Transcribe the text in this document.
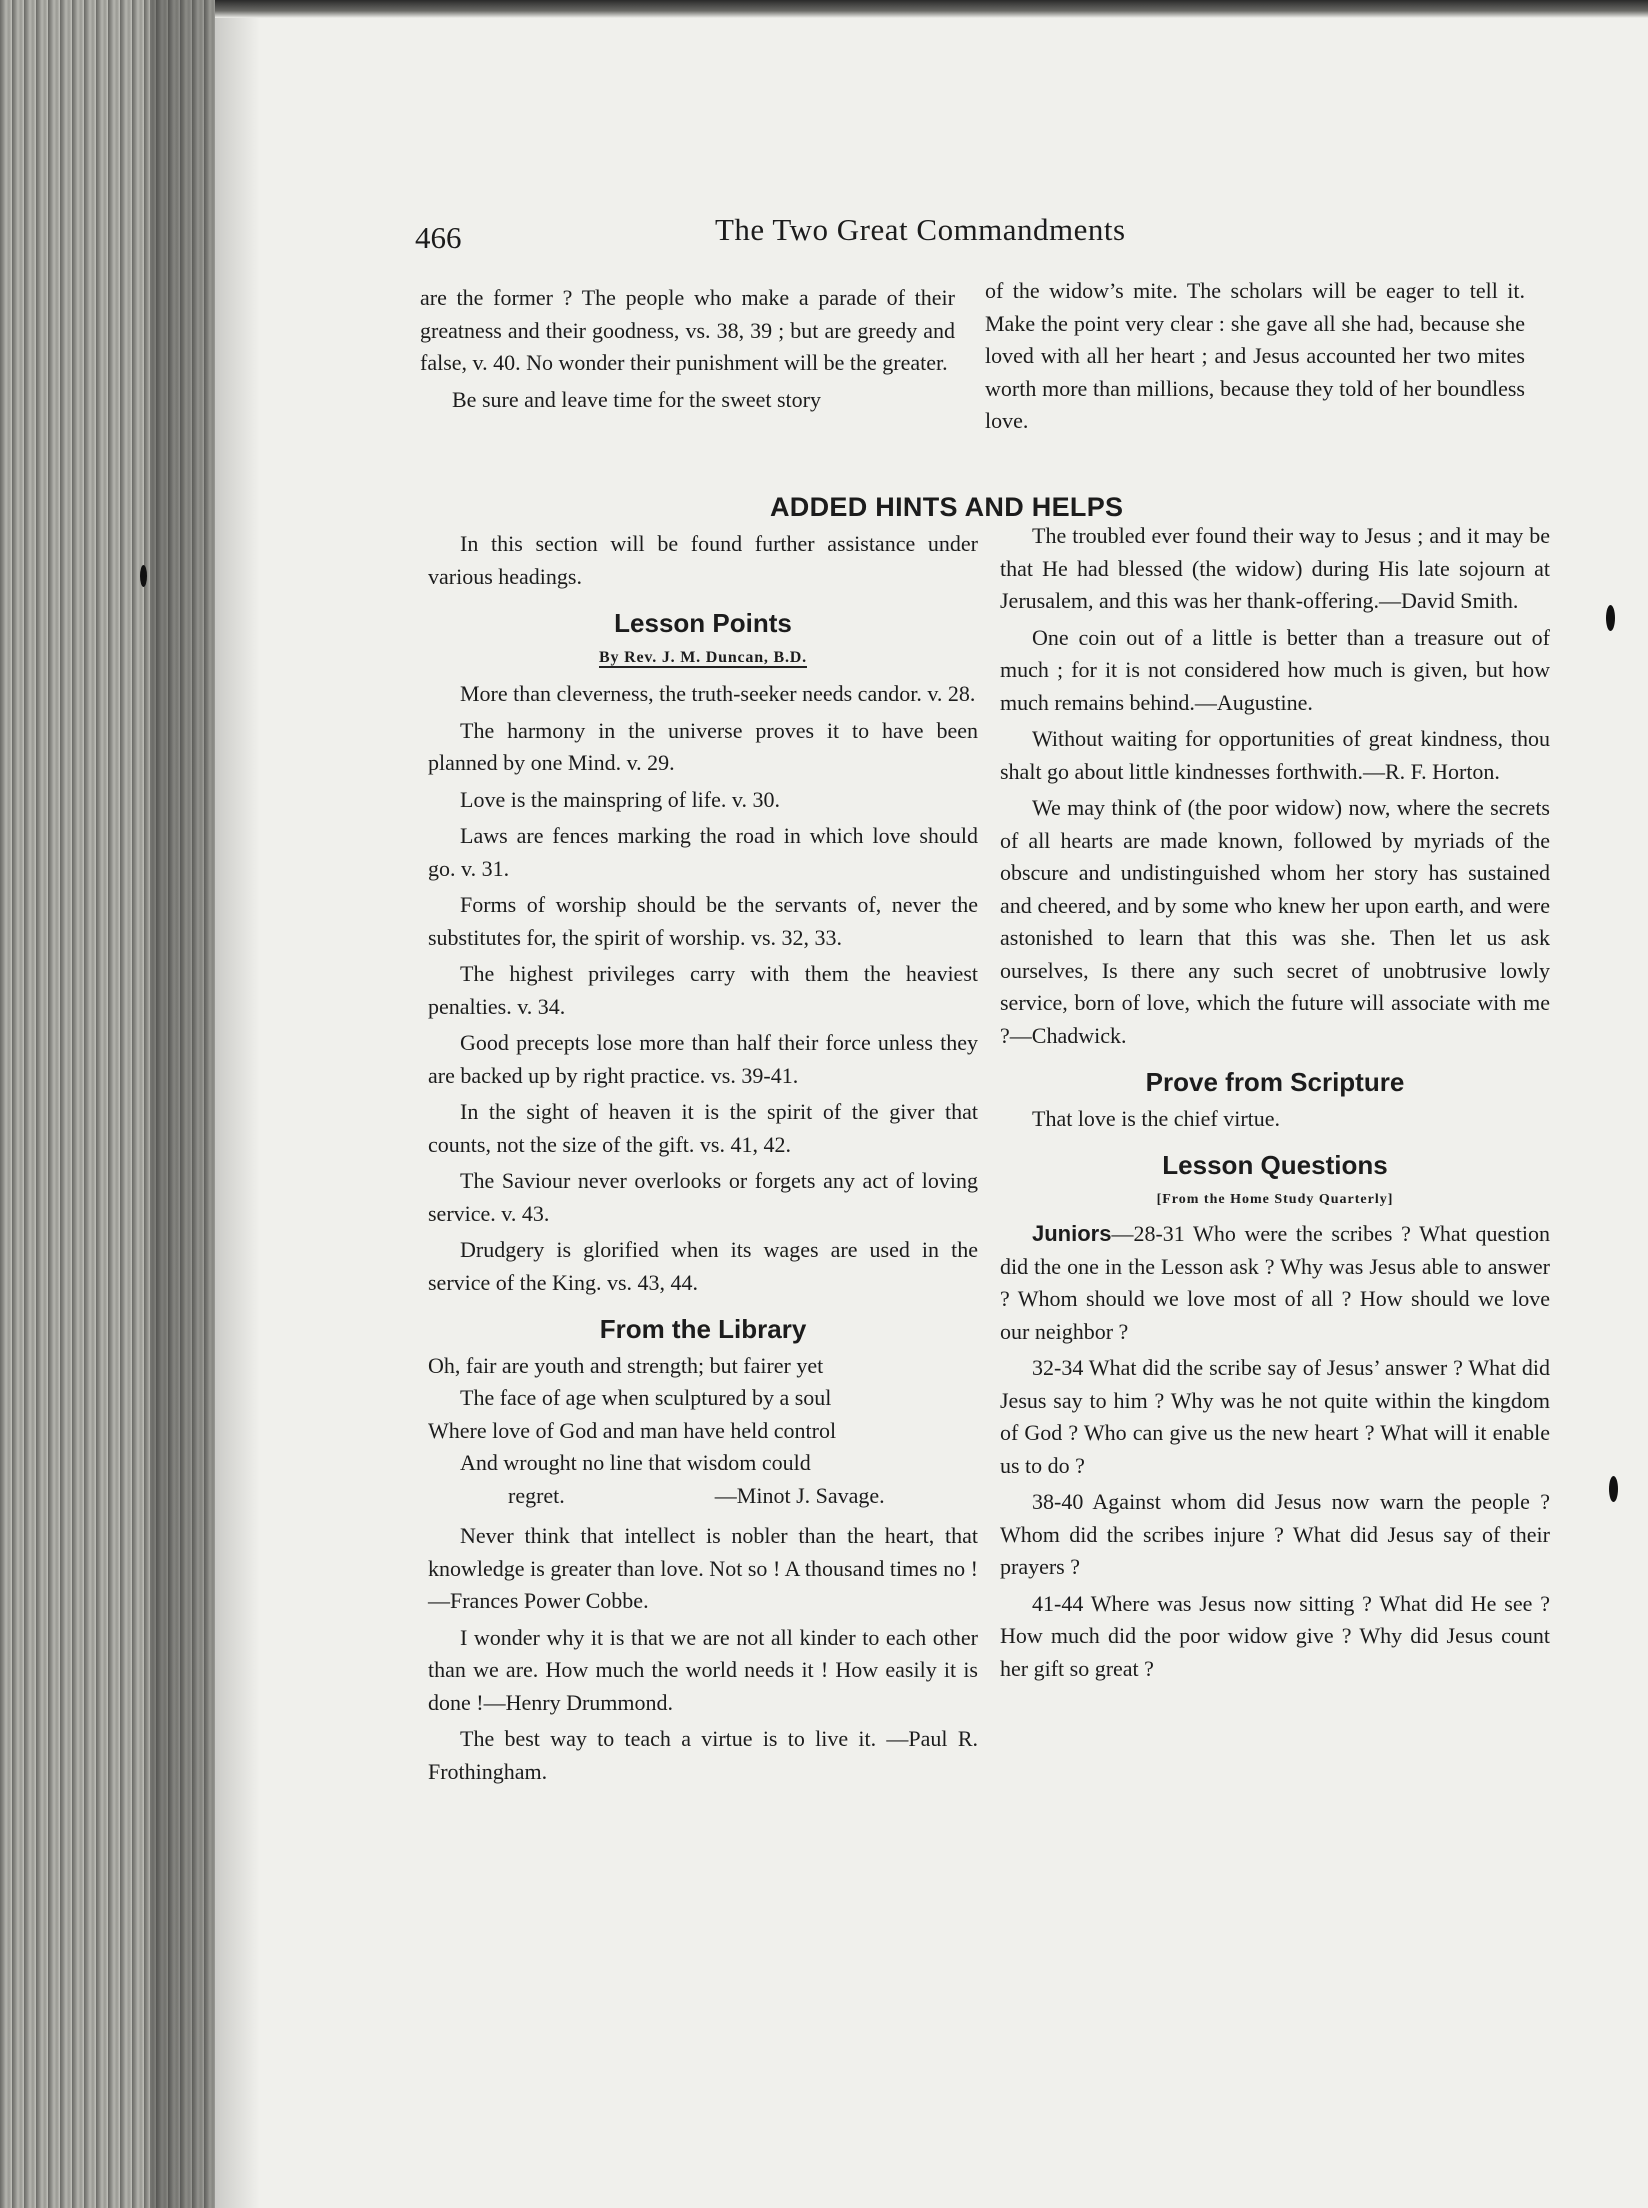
466	The Two Great Commandments

are the former ? The people who make a parade of their greatness and their goodness, vs. 38, 39 ; but are greedy and false, v. 40. No wonder their punishment will be the greater.

Be sure and leave time for the sweet story

of the widow’s mite. The scholars will be eager to tell it. Make the point very clear : she gave all she had, because she loved with all her heart ; and Jesus accounted her two mites worth more than millions, because they told of her boundless love.

ADDED HINTS AND HELPS

In this section will be found further assistance under various headings.

Lesson Points
By Rev. J. M. Duncan, B.D.

More than cleverness, the truth-seeker needs candor. v. 28.

The harmony in the universe proves it to have been planned by one Mind. v. 29.

Love is the mainspring of life. v. 30.

Laws are fences marking the road in which love should go. v. 31.

Forms of worship should be the servants of, never the substitutes for, the spirit of worship. vs. 32, 33.

The highest privileges carry with them the heaviest penalties. v. 34.

Good precepts lose more than half their force unless they are backed up by right practice. vs. 39-41.

In the sight of heaven it is the spirit of the giver that counts, not the size of the gift. vs. 41, 42.

The Saviour never overlooks or forgets any act of loving service. v. 43.

Drudgery is glorified when its wages are used in the service of the King. vs. 43, 44.

From the Library
Oh, fair are youth and strength; but fairer yet
The face of age when sculptured by a soul
Where love of God and man have held control
And wrought no line that wisdom could
regret.	—Minot J. Savage.

Never think that intellect is nobler than the heart, that knowledge is greater than love. Not so ! A thousand times no !—Frances Power Cobbe.

I wonder why it is that we are not all kinder to each other than we are. How much the world needs it ! How easily it is done !—Henry Drummond.

The best way to teach a virtue is to live it. —Paul R. Frothingham.

The troubled ever found their way to Jesus ; and it may be that He had blessed (the widow) during His late sojourn at Jerusalem, and this was her thank-offering.—David Smith.

One coin out of a little is better than a treasure out of much ; for it is not considered how much is given, but how much remains behind.—Augustine.

Without waiting for opportunities of great kindness, thou shalt go about little kindnesses forthwith.—R. F. Horton.

We may think of (the poor widow) now, where the secrets of all hearts are made known, followed by myriads of the obscure and undistinguished whom her story has sustained and cheered, and by some who knew her upon earth, and were astonished to learn that this was she. Then let us ask ourselves, Is there any such secret of unobtrusive lowly service, born of love, which the future will associate with me ?—Chadwick.

Prove from Scripture

That love is the chief virtue.

Lesson Questions
[From the Home Study Quarterly]

Juniors—28-31 Who were the scribes ? What question did the one in the Lesson ask ? Why was Jesus able to answer ? Whom should we love most of all ? How should we love our neighbor ?

32-34 What did the scribe say of Jesus’ answer ? What did Jesus say to him ? Why was he not quite within the kingdom of God ? Who can give us the new heart ? What will it enable us to do ?

38-40 Against whom did Jesus now warn the people ? Whom did the scribes injure ? What did Jesus say of their prayers ?

41-44 Where was Jesus now sitting ? What did He see ? How much did the poor widow give ? Why did Jesus count her gift so great ?
